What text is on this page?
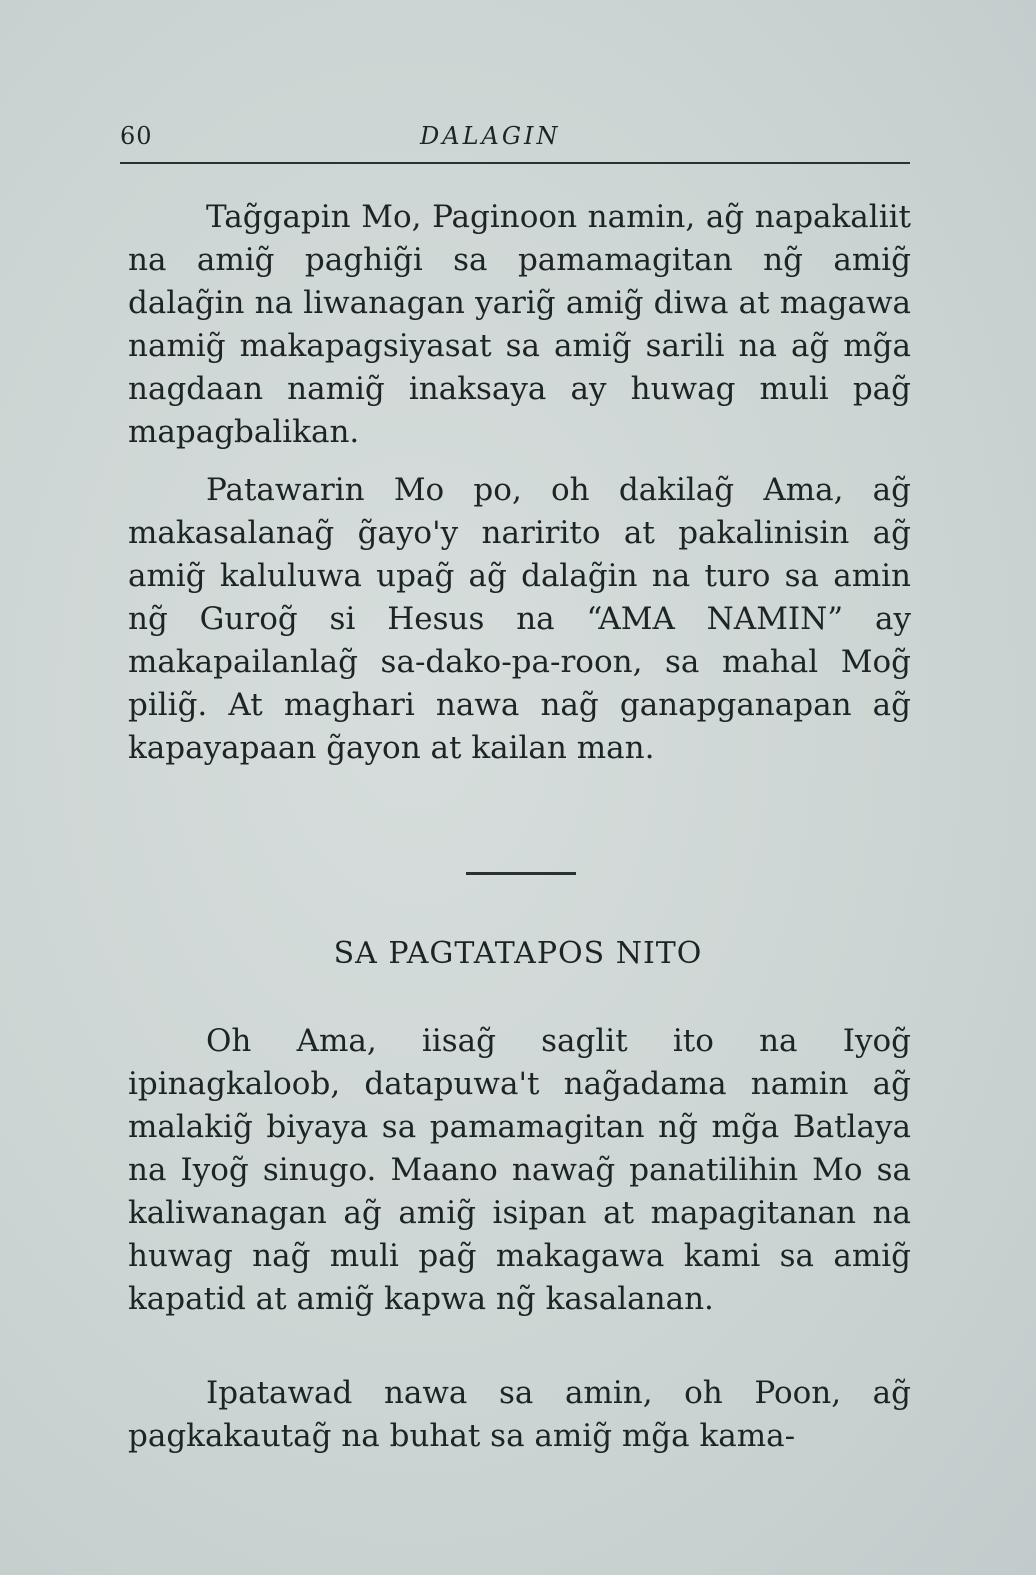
60	DALAGIN

Tag̃gapin Mo, Paginoon namin, ag̃ napakaliit na amig̃ paghig̃i sa pamamagitan ng̃ amig̃ dalag̃in na liwanagan yarig̃ amig̃ diwa at magawa namig̃ makapagsiyasat sa amig̃ sarili na ag̃ mg̃a nagdaan namig̃ inaksaya ay huwag muli pag̃ mapagbalikan.

Patawarin Mo po, oh dakilag̃ Ama, ag̃ makasalanag̃ g̃ayo'y naririto at pakalinisin ag̃ amig̃ kaluluwa upag̃ ag̃ dalag̃in na turo sa amin ng̃ Gurog̃ si Hesus na “AMA NAMIN” ay makapailanlag̃ sa-dako-pa-roon, sa mahal Mog̃ pilig̃. At maghari nawa nag̃ ganapganapan ag̃ kapayapaan g̃ayon at kailan man.

SA PAGTATAPOS NITO

Oh Ama, iisag̃ saglit ito na Iyog̃ ipinagkaloob, datapuwa't nag̃adama namin ag̃ malakig̃ biyaya sa pamamagitan ng̃ mg̃a Batlaya na Iyog̃ sinugo. Maano nawag̃ panatilihin Mo sa kaliwanagan ag̃ amig̃ isipan at mapagitanan na huwag nag̃ muli pag̃ makagawa kami sa amig̃ kapatid at amig̃ kapwa ng̃ kasalanan.

Ipatawad nawa sa amin, oh Poon, ag̃ pagkakautag̃ na buhat sa amig̃ mg̃a kama-
